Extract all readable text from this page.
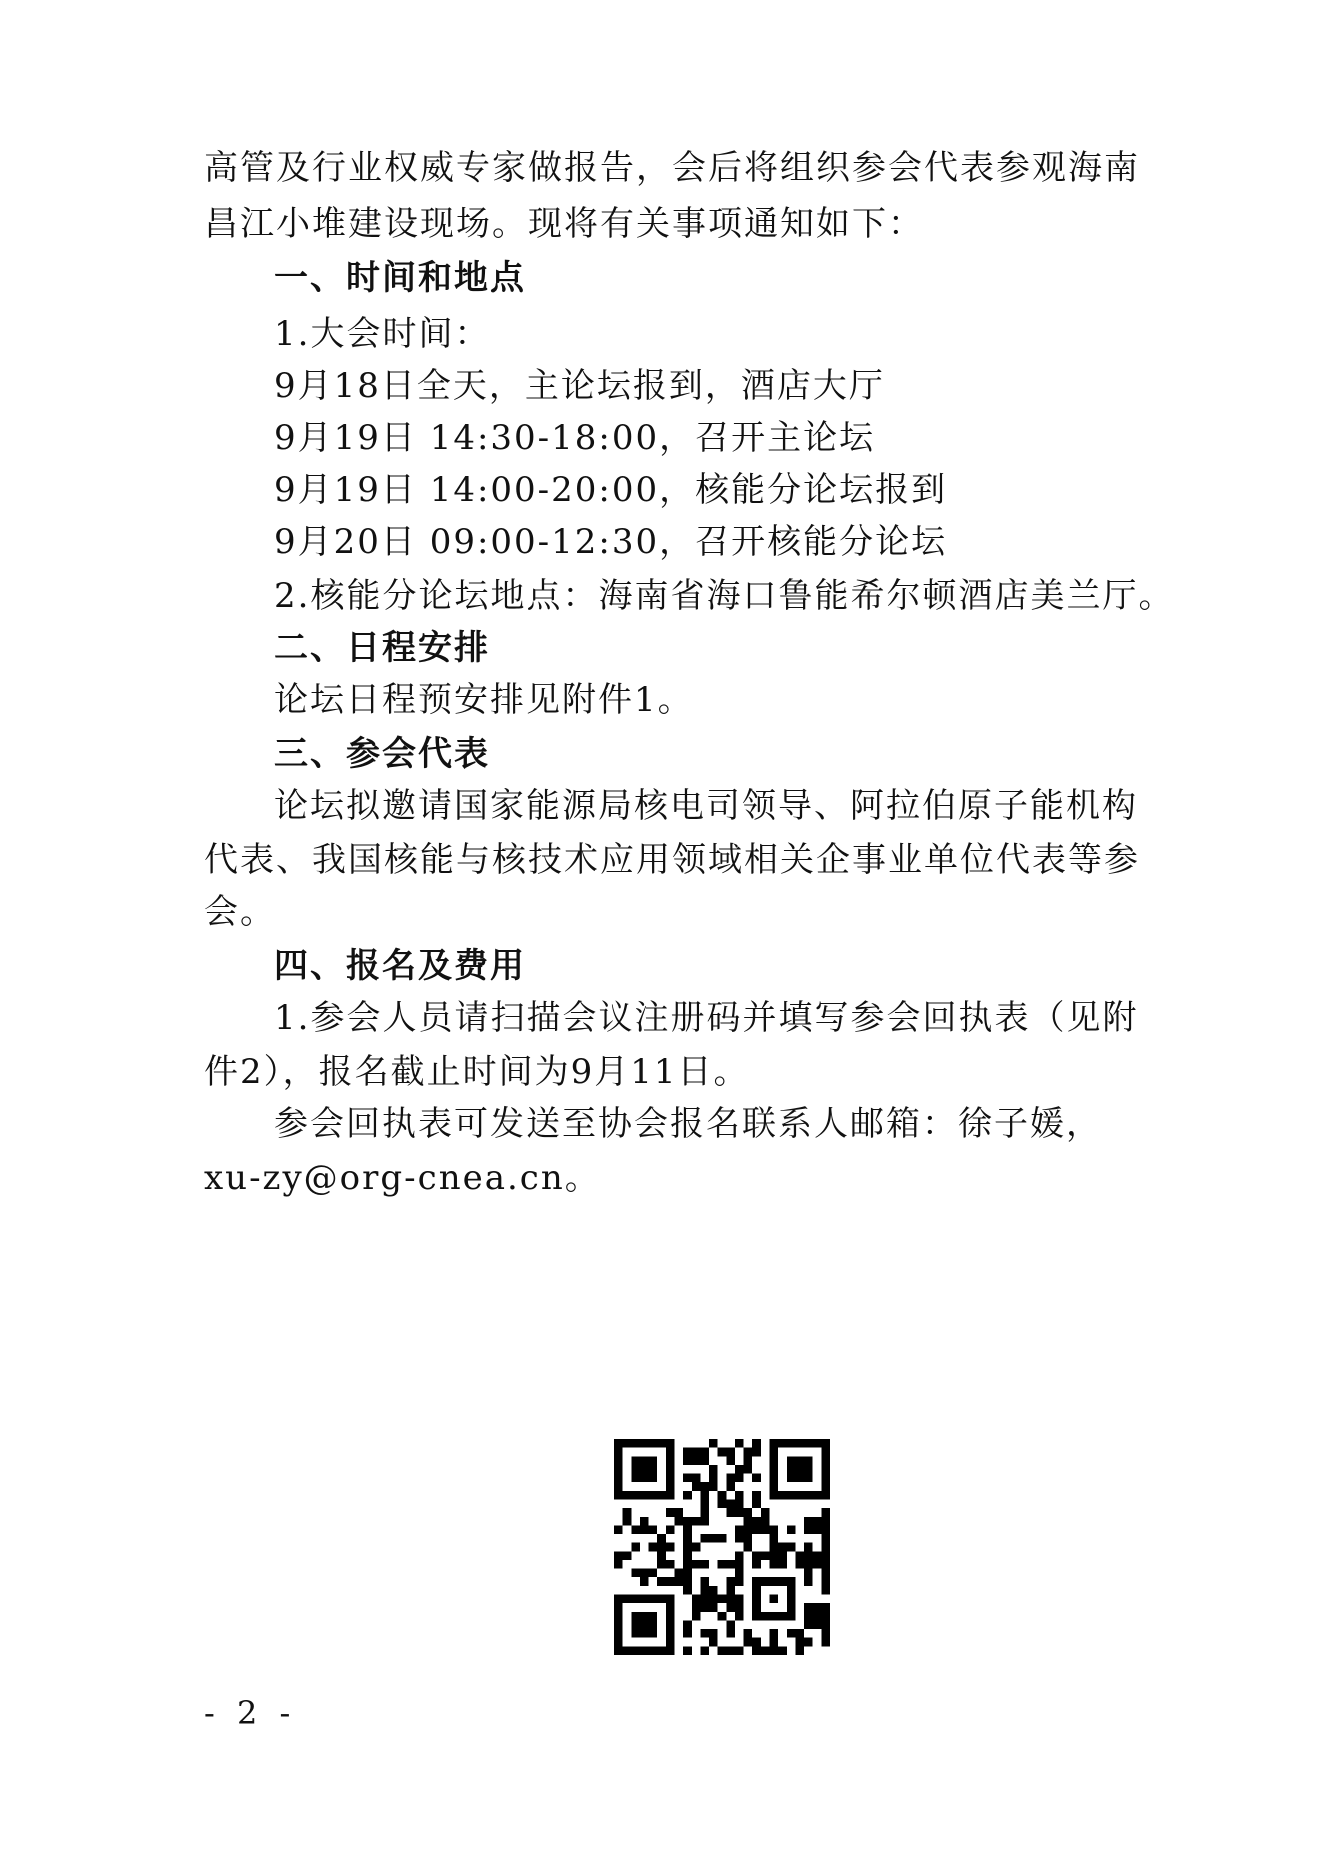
高管及行业权威专家做报告，会后将组织参会代表参观海南
昌江小堆建设现场。现将有关事项通知如下：
一、时间和地点
1.大会时间：
9月18日全天，主论坛报到，酒店大厅
9月19日 14:30-18:00，召开主论坛
9月19日 14:00-20:00，核能分论坛报到
9月20日 09:00-12:30，召开核能分论坛
2.核能分论坛地点：海南省海口鲁能希尔顿酒店美兰厅。
二、日程安排
论坛日程预安排见附件1。
三、参会代表
论坛拟邀请国家能源局核电司领导、阿拉伯原子能机构
代表、我国核能与核技术应用领域相关企事业单位代表等参
会。
四、报名及费用
1.参会人员请扫描会议注册码并填写参会回执表（见附
件2），报名截止时间为9月11日。
参会回执表可发送至协会报名联系人邮箱：徐子媛，
xu-zy@org-cnea.cn。
- 2 -
